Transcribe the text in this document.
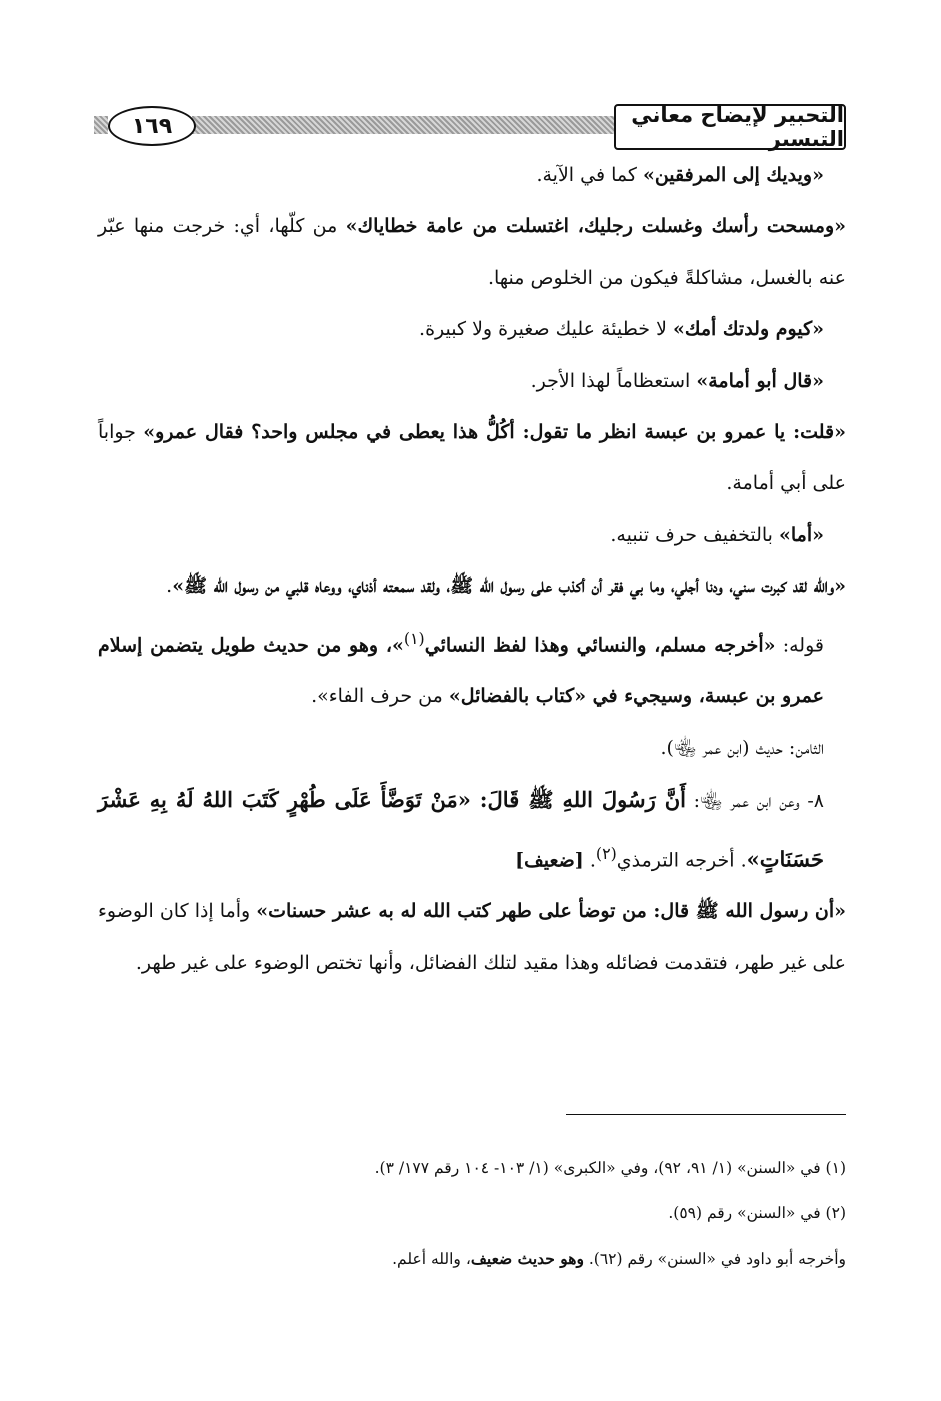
التحبير لإيضاح معاني التيسير
١٦٩

«ويديك إلى المرفقين» كما في الآية.

«ومسحت رأسك وغسلت رجليك، اغتسلت من عامة خطاياك» من كلّها، أي: خرجت منها عبّر عنه بالغسل، مشاكلةً فيكون من الخلوص منها.

«كيوم ولدتك أمك» لا خطيئة عليك صغيرة ولا كبيرة.

«قال أبو أمامة» استعظاماً لهذا الأجر.

«قلت: يا عمرو بن عبسة انظر ما تقول: أكُلُّ هذا يعطى في مجلس واحد؟ فقال عمرو» جواباً على أبي أمامة.

«أما» بالتخفيف حرف تنبيه.

«والله لقد كبرت سني، ودنا أجلي، وما بي فقر أن أكذب على رسول الله ﷺ، ولقد سمعته أذناي، ووعاه قلبي من رسول الله ﷺ».

قوله: «أخرجه مسلم، والنسائي وهذا لفظ النسائي$^{(١)}$»، وهو من حديث طويل يتضمن إسلام عمرو بن عبسة، وسيجيء في «كتاب بالفضائل» من حرف الفاء».

الثامن: حديث (ابن عمر ﵄).

٨- وعن ابن عمر ﵄: أَنَّ رَسُولَ اللهِ ﷺ قَالَ: «مَنْ تَوَضَّأَ عَلَى طُهْرٍ كَتَبَ اللهُ لَهُ بِهِ عَشْرَ حَسَنَاتٍ». أخرجه الترمذي$^{(٢)}$. [ضعيف]

«أن رسول الله ﷺ قال: من توضأ على طهر كتب الله له به عشر حسنات» وأما إذا كان الوضوء على غير طهر، فتقدمت فضائله وهذا مقيد لتلك الفضائل، وأنها تختص الوضوء على غير طهر.

(١) في «السنن» (١/ ٩١، ٩٢)، وفي «الكبرى» (١/ ١٠٣- ١٠٤ رقم ١٧٧/ ٣).

(٢) في «السنن» رقم (٥٩).

وأخرجه أبو داود في «السنن» رقم (٦٢). وهو حديث ضعيف، والله أعلم.
